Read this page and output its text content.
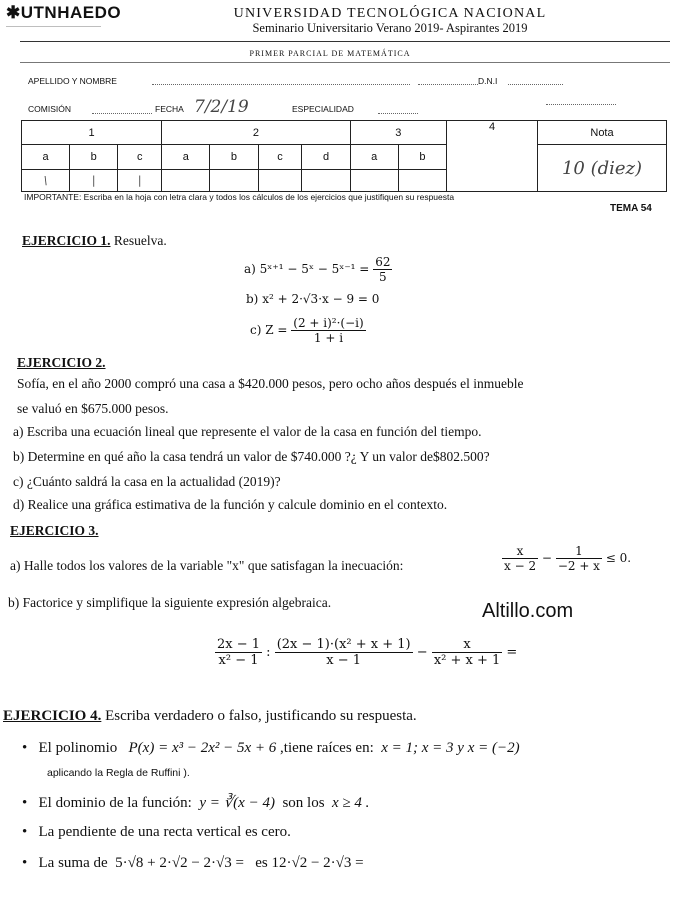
✱UTNHAEDO
———————————————————
UNIVERSIDAD TECNOLÓGICA NACIONAL
Seminario Universitario Verano 2019- Aspirantes 2019
PRIMER PARCIAL DE MATEMÁTICA
APELLIDO Y NOMBRE	D.N.I
COMISIÓN	FECHA 7/2/19	ESPECIALIDAD
1			2				3		4	Nota
a	b	c	a	b	c	d	a	b		10 (diez)
\	|	|								
IMPORTANTE: Escriba en la hoja con letra clara y todos los cálculos de los ejercicios que justifiquen su respuesta
TEMA 54
EJERCICIO 1. Resuelva.
a) 5ˣ⁺¹ − 5ˣ − 5ˣ⁻¹ = $\frac{62}{5}$
b) x² + 2·√3·x − 9 = 0
c) $Z = \frac{\text{(2 + i)²·(−i)}}{1 + i}$
EJERCICIO 2.
Sofía, en el año 2000 compró una casa a $420.000 pesos, pero ocho años después el inmueble
se valuó en $675.000 pesos.
a) Escriba una ecuación lineal que represente el valor de la casa en función del tiempo.
b) Determine en qué año la casa tendrá un valor de $740.000 ?¿ Y un valor de$802.500?
c) ¿Cuánto saldrá la casa en la actualidad (2019)?
d) Realice una gráfica estimativa de la función y calcule dominio en el contexto.
EJERCICIO 3.
a) Halle todos los valores de la variable "x" que satisfagan la inecuación:	$\frac{x}{x - 2} - \frac{1}{-2 + x} \le 0$.
b) Factorice y simplifique la siguiente expresión algebraica.	Altillo.com
$\frac{2x - 1}{\text{x² − 1}}$ : $\frac{\text{(2x − 1)·(x² + x + 1)}}{x - 1} - \frac{x}{\text{x² + x + 1}}$ =
EJERCICIO 4. Escriba verdadero o falso, justificando su respuesta.
• El polinomio P(x) = x³ − 2x² − 5x + 6 ,tiene raíces en: x = 1; x = 3 y x = (−2)
aplicando la Regla de Ruffini ).
• El dominio de la función: y = ∛(x − 4) son los x ≥ 4 .
• La pendiente de una recta vertical es cero.
• La suma de 5·√8 + 2·√2 − 2·√3 = es 12·√2 − 2·√3 =
